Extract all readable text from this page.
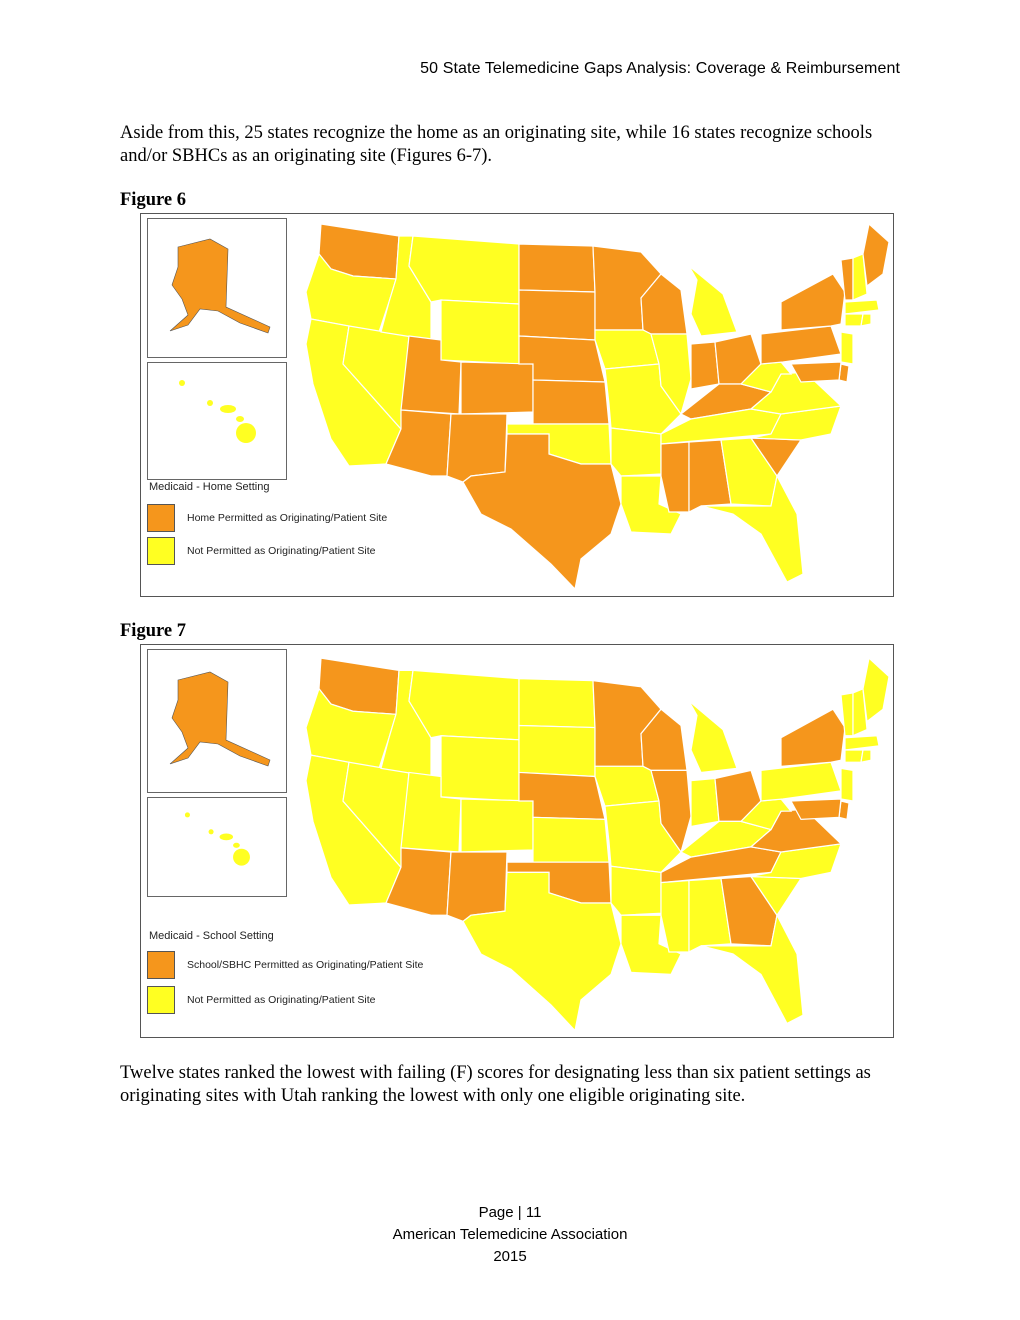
50 State Telemedicine Gaps Analysis: Coverage & Reimbursement
Aside from this, 25 states recognize the home as an originating site, while 16 states recognize schools and/or SBHCs as an originating site (Figures 6-7).
Figure 6
Medicaid - Home Setting
Home Permitted as Originating/Patient Site
Not Permitted as Originating/Patient Site
Figure 7
Medicaid - School Setting
School/SBHC Permitted as Originating/Patient Site
Not Permitted as Originating/Patient Site
Twelve states ranked the lowest with failing (F) scores for designating less than six patient settings as originating sites with Utah ranking the lowest with only one eligible originating site.
Page | 11
American Telemedicine Association
2015
